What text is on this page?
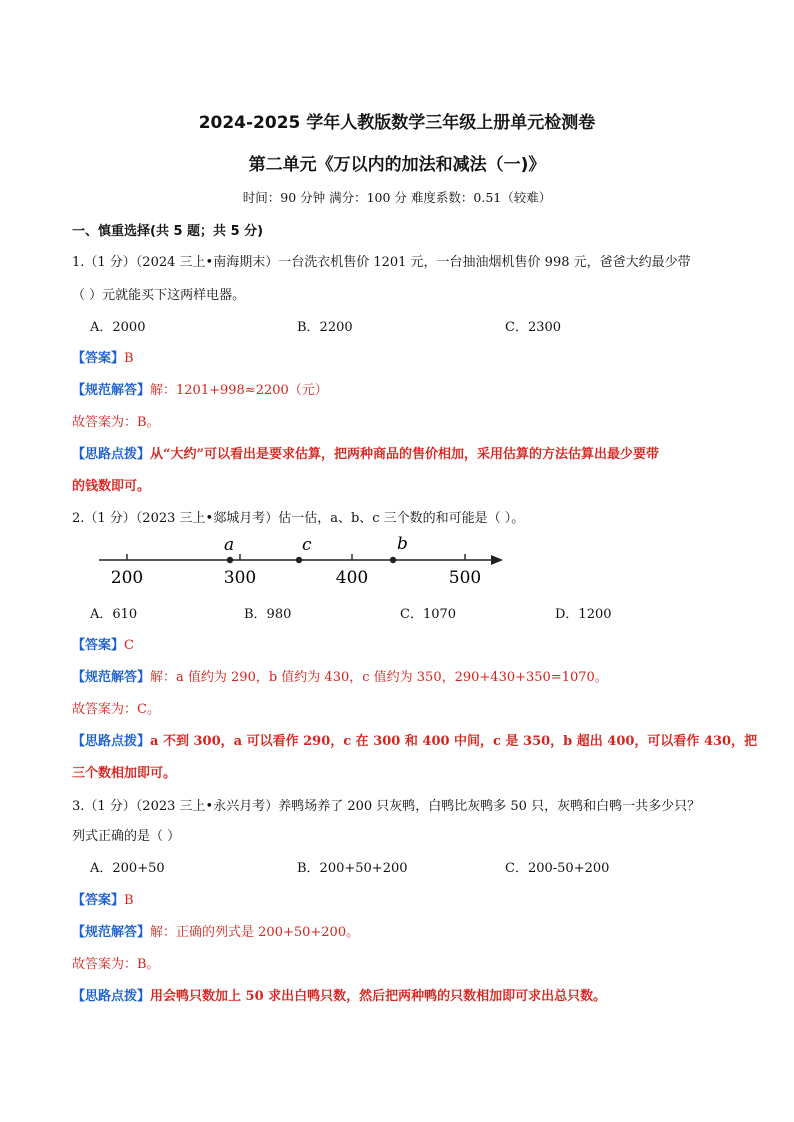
2024-2025 学年人教版数学三年级上册单元检测卷
第二单元《万以内的加法和减法（一)》
时间：90 分钟 满分：100 分 难度系数：0.51（较难）
一、慎重选择(共 5 题；共 5 分)
1.（1 分）（2024 三上•南海期末）一台洗衣机售价 1201 元，一台抽油烟机售价 998 元，爸爸大约最少带
（ ）元就能买下这两样电器。
A．2000	B．2200	C．2300
【答案】B
【规范解答】解：1201+998≈2200（元）
故答案为：B。
【思路点拨】从“大约”可以看出是要求估算，把两种商品的售价相加，采用估算的方法估算出最少要带
的钱数即可。
2.（1 分）（2023 三上•郯城月考）估一估，a、b、c 三个数的和可能是（ ）。
200	300	400	500
a	c	b
A．610	B．980	C．1070	D．1200
【答案】C
【规范解答】解：a 值约为 290，b 值约为 430，c 值约为 350，290+430+350=1070。
故答案为：C。
【思路点拨】a 不到 300，a 可以看作 290，c 在 300 和 400 中间，c 是 350，b 超出 400，可以看作 430，把
三个数相加即可。
3.（1 分）（2023 三上•永兴月考）养鸭场养了 200 只灰鸭，白鸭比灰鸭多 50 只，灰鸭和白鸭一共多少只？
列式正确的是（ ）
A．200+50	B．200+50+200	C．200-50+200
【答案】B
【规范解答】解：正确的列式是 200+50+200。
故答案为：B。
【思路点拨】用会鸭只数加上 50 求出白鸭只数，然后把两种鸭的只数相加即可求出总只数。
